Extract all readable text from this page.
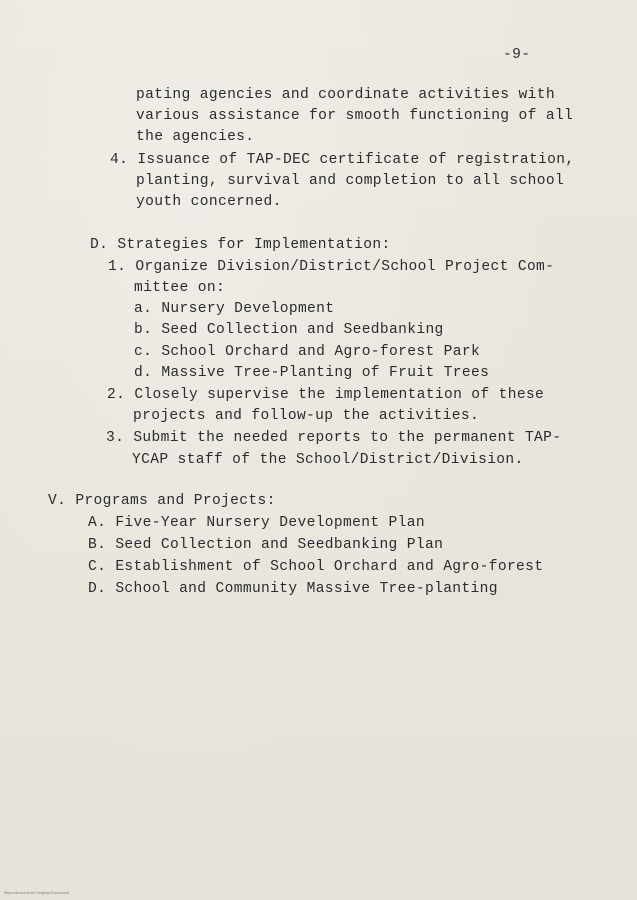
-9-
pating agencies and coordinate activities with
various assistance for smooth functioning of all
the agencies.
4. Issuance of TAP-DEC certificate of registration,
planting, survival and completion to all school
youth concerned.
D. Strategies for Implementation:
1. Organize Division/District/School Project Com-
mittee on:
a. Nursery Development
b. Seed Collection and Seedbanking
c. School Orchard and Agro-forest Park
d. Massive Tree-Planting of Fruit Trees
2. Closely supervise the implementation of these
projects and follow-up the activities.
3. Submit the needed reports to the permanent TAP-
YCAP staff of the School/District/Division.
V. Programs and Projects:
A. Five-Year Nursery Development Plan
B. Seed Collection and Seedbanking Plan
C. Establishment of School Orchard and Agro-forest
D. School and Community Massive Tree-planting
Reproduced from Original Document
